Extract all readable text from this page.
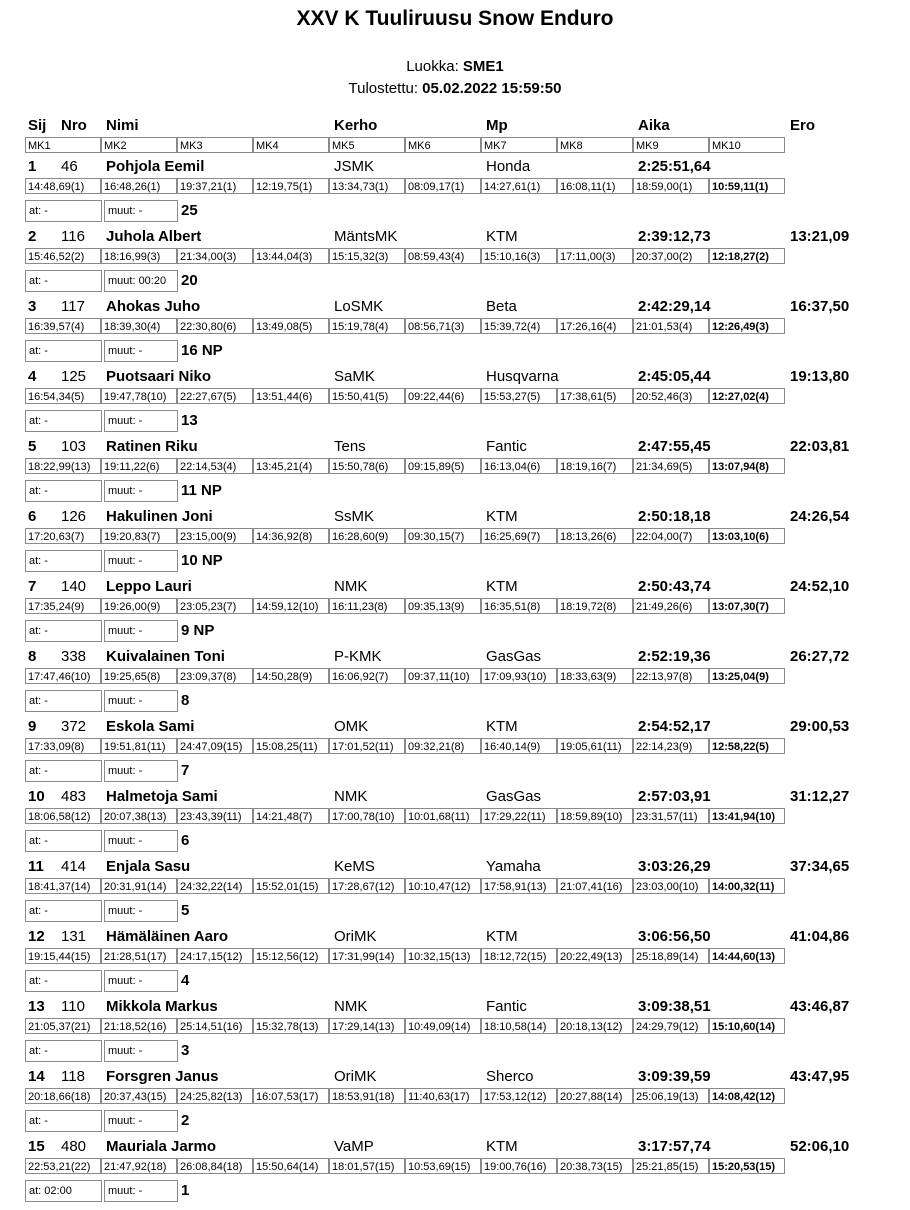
XXV K Tuuliruusu Snow Enduro
Luokka: SME1
Tulostettu: 05.02.2022 15:59:50
Sij Nro Nimi	Kerho	Mp	Aika	Ero
MK1	MK2	MK3	MK4	MK5	MK6	MK7	MK8	MK9	MK10
1 46 Pohjola Eemil	JSMK	Honda	2:25:51,64
14:48,69(1)	16:48,26(1)	19:37,21(1)	12:19,75(1)	13:34,73(1)	08:09,17(1)	14:27,61(1)	16:08,11(1)	18:59,00(1)	10:59,11(1)
at: -	muut: -	25
2 116 Juhola Albert	MäntsMK	KTM	2:39:12,73	13:21,09
15:46,52(2)	18:16,99(3)	21:34,00(3)	13:44,04(3)	15:15,32(3)	08:59,43(4)	15:10,16(3)	17:11,00(3)	20:37,00(2)	12:18,27(2)
at: -	muut: 00:20 20
3 117 Ahokas Juho	LoSMK	Beta	2:42:29,14	16:37,50
16:39,57(4)	18:39,30(4)	22:30,80(6)	13:49,08(5)	15:19,78(4)	08:56,71(3)	15:39,72(4)	17:26,16(4)	21:01,53(4)	12:26,49(3)
at: -	muut: -	16 NP
4 125 Puotsaari Niko	SaMK	Husqvarna	2:45:05,44	19:13,80
16:54,34(5)	19:47,78(10)	22:27,67(5)	13:51,44(6)	15:50,41(5)	09:22,44(6)	15:53,27(5)	17:38,61(5)	20:52,46(3)	12:27,02(4)
at: -	muut: -	13
5 103 Ratinen Riku	Tens	Fantic	2:47:55,45	22:03,81
18:22,99(13)	19:11,22(6)	22:14,53(4)	13:45,21(4)	15:50,78(6)	09:15,89(5)	16:13,04(6)	18:19,16(7)	21:34,69(5)	13:07,94(8)
at: -	muut: -	11 NP
6 126 Hakulinen Joni	SsMK	KTM	2:50:18,18	24:26,54
17:20,63(7)	19:20,83(7)	23:15,00(9)	14:36,92(8)	16:28,60(9)	09:30,15(7)	16:25,69(7)	18:13,26(6)	22:04,00(7)	13:03,10(6)
at: -	muut: -	10 NP
7 140 Leppo Lauri	NMK	KTM	2:50:43,74	24:52,10
17:35,24(9)	19:26,00(9)	23:05,23(7)	14:59,12(10)	16:11,23(8)	09:35,13(9)	16:35,51(8)	18:19,72(8)	21:49,26(6)	13:07,30(7)
at: -	muut: -	9 NP
8 338 Kuivalainen Toni	P-KMK	GasGas	2:52:19,36	26:27,72
17:47,46(10)	19:25,65(8)	23:09,37(8)	14:50,28(9)	16:06,92(7)	09:37,11(10)	17:09,93(10)	18:33,63(9)	22:13,97(8)	13:25,04(9)
at: -	muut: -	8
9 372 Eskola Sami	OMK	KTM	2:54:52,17	29:00,53
17:33,09(8)	19:51,81(11)	24:47,09(15)	15:08,25(11)	17:01,52(11)	09:32,21(8)	16:40,14(9)	19:05,61(11)	22:14,23(9)	12:58,22(5)
at: -	muut: -	7
10 483 Halmetoja Sami	NMK	GasGas	2:57:03,91	31:12,27
18:06,58(12)	20:07,38(13)	23:43,39(11)	14:21,48(7)	17:00,78(10)	10:01,68(11)	17:29,22(11)	18:59,89(10)	23:31,57(11)	13:41,94(10)
at: -	muut: -	6
11 414 Enjala Sasu	KeMS	Yamaha	3:03:26,29	37:34,65
18:41,37(14)	20:31,91(14)	24:32,22(14)	15:52,01(15)	17:28,67(12)	10:10,47(12)	17:58,91(13)	21:07,41(16)	23:03,00(10)	14:00,32(11)
at: -	muut: -	5
12 131 Hämäläinen Aaro	OriMK	KTM	3:06:56,50	41:04,86
19:15,44(15)	21:28,51(17)	24:17,15(12)	15:12,56(12)	17:31,99(14)	10:32,15(13)	18:12,72(15)	20:22,49(13)	25:18,89(14)	14:44,60(13)
at: -	muut: -	4
13 110 Mikkola Markus	NMK	Fantic	3:09:38,51	43:46,87
21:05,37(21)	21:18,52(16)	25:14,51(16)	15:32,78(13)	17:29,14(13)	10:49,09(14)	18:10,58(14)	20:18,13(12)	24:29,79(12)	15:10,60(14)
at: -	muut: -	3
14 118 Forsgren Janus	OriMK	Sherco	3:09:39,59	43:47,95
20:18,66(18)	20:37,43(15)	24:25,82(13)	16:07,53(17)	18:53,91(18)	11:40,63(17)	17:53,12(12)	20:27,88(14)	25:06,19(13)	14:08,42(12)
at: -	muut: -	2
15 480 Mauriala Jarmo	VaMP	KTM	3:17:57,74	52:06,10
22:53,21(22)	21:47,92(18)	26:08,84(18)	15:50,64(14)	18:01,57(15)	10:53,69(15)	19:00,76(16)	20:38,73(15)	25:21,85(15)	15:20,53(15)
at: 02:00	muut: -	1
